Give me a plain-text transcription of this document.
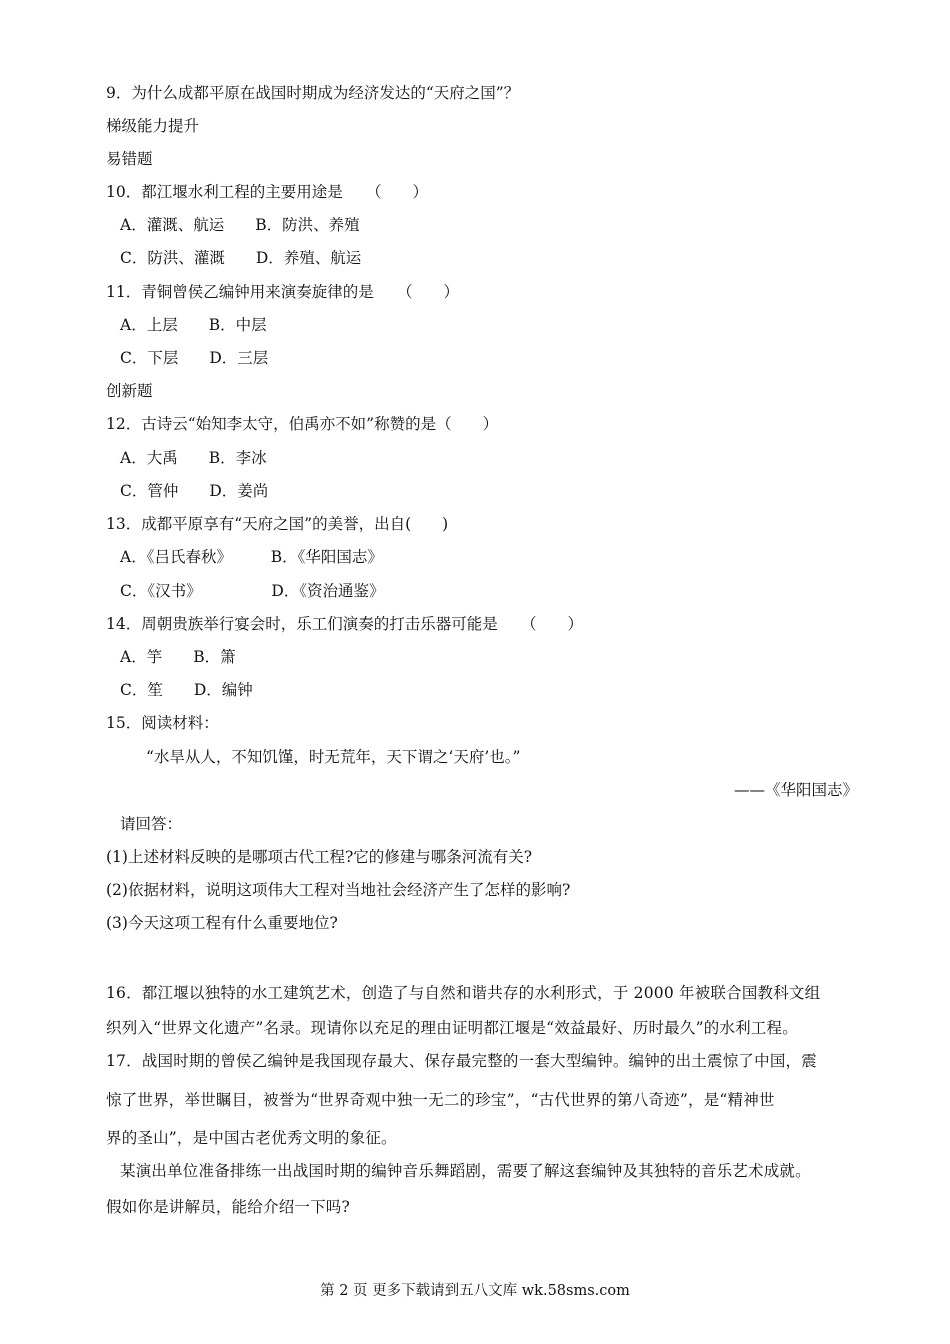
9．为什么成都平原在战国时期成为经济发达的“天府之国”？
梯级能力提升
易错题
10．都江堰水利工程的主要用途是　　（　　）
A．灌溉、航运　　B．防洪、养殖
C．防洪、灌溉　　D．养殖、航运
11．青铜曾侯乙编钟用来演奏旋律的是　　（　　）
A．上层　　B．中层
C．下层　　D．三层
创新题
12．古诗云“始知李太守，伯禹亦不如”称赞的是（　　）
A．大禹　　B．李冰
C．管仲　　D．姜尚
13．成都平原享有“天府之国”的美誉，出自(　　)
A．《吕氏春秋》　　　B．《华阳国志》
C．《汉书》　　　　　D．《资治通鉴》
14．周朝贵族举行宴会时，乐工们演奏的打击乐器可能是　　（　　）
A．竽　　B．箫
C．笙　　D．编钟
15．阅读材料：
“水旱从人，不知饥馑，时无荒年，天下谓之‘天府’也。”
——《华阳国志》
请回答：
(1)上述材料反映的是哪项古代工程?它的修建与哪条河流有关?
(2)依据材料，说明这项伟大工程对当地社会经济产生了怎样的影响?
(3)今天这项工程有什么重要地位?
16．都江堰以独特的水工建筑艺术，创造了与自然和谐共存的水利形式，于 2000 年被联合国教科文组
织列入“世界文化遗产”名录。现请你以充足的理由证明都江堰是“效益最好、历时最久”的水利工程。
17．战国时期的曾侯乙编钟是我国现存最大、保存最完整的一套大型编钟。编钟的出土震惊了中国，震
惊了世界，举世瞩目，被誉为“世界奇观中独一无二的珍宝”，“古代世界的第八奇迹”，是“精神世
界的圣山”，是中国古老优秀文明的象征。
某演出单位准备排练一出战国时期的编钟音乐舞蹈剧，需要了解这套编钟及其独特的音乐艺术成就。
假如你是讲解员，能给介绍一下吗?
第 2 页 更多下载请到五八文库 wk.58sms.com
